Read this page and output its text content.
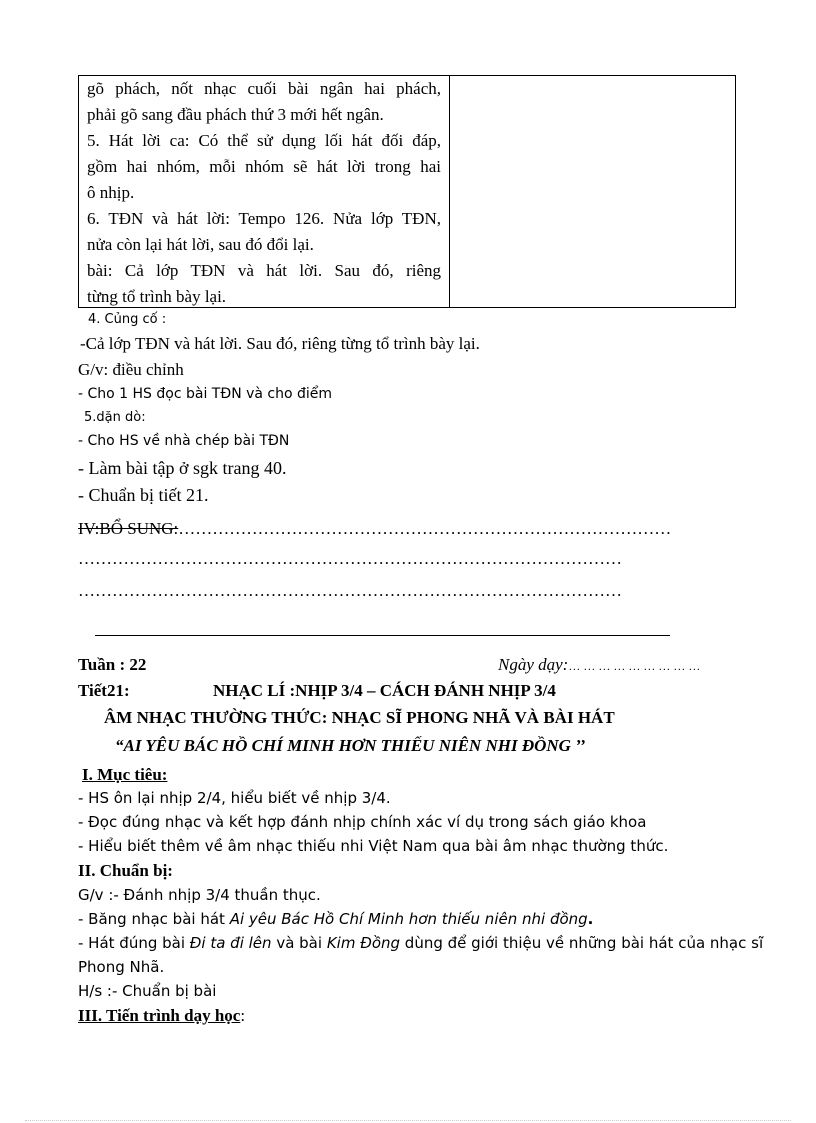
gõ phách, nốt nhạc cuối bài ngân hai phách,
phải gõ sang đầu phách thứ 3 mới hết ngân.
5. Hát lời ca: Có thể sử dụng lối hát đối đáp,
gồm hai nhóm, mỗi nhóm sẽ hát lời trong hai
ô nhịp.
6. TĐN và hát lời: Tempo 126. Nửa lớp TĐN,
nửa còn lại hát lời, sau đó đổi lại.
bài: Cả lớp TĐN và hát lời. Sau đó, riêng
từng tổ trình bày lại.
4. Củng cố :
-Cả lớp TĐN và hát lời. Sau đó, riêng từng tổ trình bày lại.
G/v: điều chỉnh
- Cho 1 HS đọc bài TĐN và cho điểm
5.dặn dò:
- Cho HS về nhà chép bài TĐN
- Làm bài tập ở sgk trang 40.
- Chuẩn bị tiết 21.
IV:BỔ SUNG:……………………………………………………………………………
……………………………………………………………………………………
……………………………………………………………………………………
Tuần : 22	Ngày dạy:… … … … … … … … …
Tiết21:	NHẠC LÍ :NHỊP 3/4 – CÁCH ĐÁNH NHỊP 3/4
ÂM NHẠC THƯỜNG THỨC: NHẠC SĨ PHONG NHÃ VÀ BÀI HÁT
“AI YÊU BÁC HỒ CHÍ MINH HƠN THIẾU NIÊN NHI ĐỒNG ’’
I. Mục tiêu:
- HS ôn lại nhịp 2/4, hiểu biết về nhịp 3/4.
- Đọc đúng nhạc và kết hợp đánh nhịp chính xác ví dụ trong sách giáo khoa
- Hiểu biết thêm về âm nhạc thiếu nhi Việt Nam qua bài âm nhạc thường thức.
II. Chuẩn bị:
G/v :- Đánh nhịp 3/4 thuần thục.
- Băng nhạc bài hát Ai yêu Bác Hồ Chí Minh hơn thiếu niên nhi đồng.
- Hát đúng bài Đi ta đi lên và bài Kim Đồng dùng để giới thiệu về những bài hát của nhạc sĩ
Phong Nhã.
H/s :- Chuẩn bị bài
III. Tiến trình dạy học:
